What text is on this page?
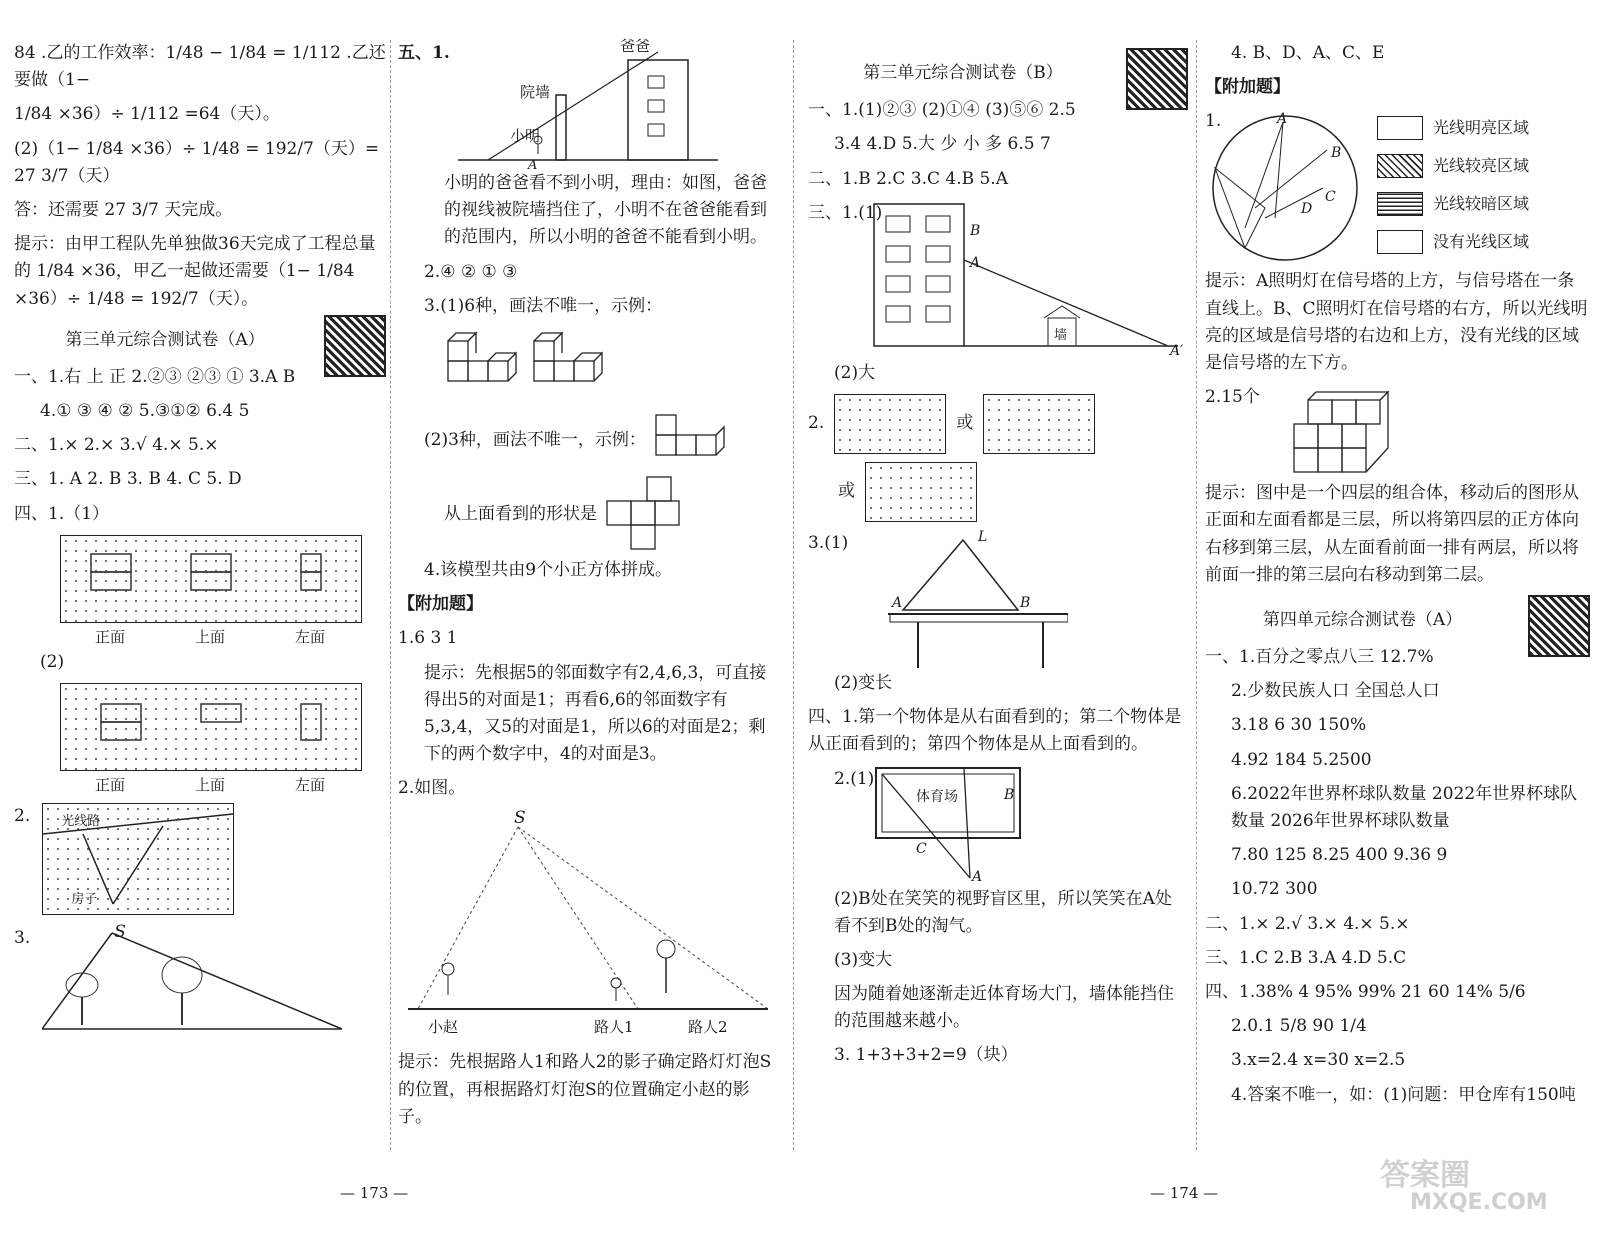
84 .乙的工作效率：1/48 − 1/84 = 1/112 .乙还要做（1−

1/84 ×36）÷ 1/112 =64（天）。

(2)（1− 1/84 ×36）÷ 1/48 = 192/7（天）= 27 3/7（天）

答：还需要 27 3/7 天完成。

提示：由甲工程队先单独做36天完成了工程总量的 1/84 ×36，甲乙一起做还需要（1− 1/84 ×36）÷ 1/48 = 192/7（天）。

第三单元综合测试卷（A）

一、1.右 上 正 2.②③ ②③ ① 3.A B

4.① ③ ④ ② 5.③①② 6.4 5

二、1.× 2.× 3.√ 4.× 5.×

三、1. A 2. B 3. B 4. C 5. D

四、1.（1）

正面	上面	左面

(2)

正面	上面	左面
2. 光线路
房子
3.	S
五、1.	爸爸
院墙
小明
A

小明的爸爸看不到小明，理由：如图，爸爸的视线被院墙挡住了，小明不在爸爸能看到的范围内，所以小明的爸爸不能看到小明。

2.④ ② ① ③

3.(1)6种，画法不唯一，示例：

(2)3种，画法不唯一，示例：

从上面看到的形状是

4.该模型共由9个小正方体拼成。

【附加题】

1.6 3 1

提示：先根据5的邻面数字有2,4,6,3，可直接得出5的对面是1；再看6,6的邻面数字有5,3,4，又5的对面是1，所以6的对面是2；剩下的两个数字中，4的对面是3。

2.如图。

S
小赵	路人1	路人2

提示：先根据路人1和路人2的影子确定路灯灯泡S的位置，再根据路灯灯泡S的位置确定小赵的影子。

— 173 —
第三单元综合测试卷（B）

一、1.(1)②③ (2)①④ (3)⑤⑥ 2.5

3.4 4.D 5.大 少 小 多 6.5 7

二、1.B 2.C 3.C 4.B 5.A

三、1.(1)
B
A
墙
A′

(2)大

2.	或
或
3.(1)	L
A	B

(2)变长

四、1.第一个物体是从右面看到的；第二个物体是从正面看到的；第四个物体是从上面看到的。

2.(1)
体育场	B
C
A

(2)B处在笑笑的视野盲区里，所以笑笑在A处看不到B处的淘气。

(3)变大

因为随着她逐渐走近体育场大门，墙体能挡住的范围越来越小。

3. 1+3+3+2=9（块）

— 174 —

4. B、D、A、C、E

【附加题】

1.	A
B
C
D
光线明亮区域
光线较亮区域
光线较暗区域
没有光线区域

提示：A照明灯在信号塔的上方，与信号塔在一条直线上。B、C照明灯在信号塔的右方，所以光线明亮的区域是信号塔的右边和上方，没有光线的区域是信号塔的左下方。

2.15个

提示：图中是一个四层的组合体，移动后的图形从正面和左面看都是三层，所以将第四层的正方体向右移到第三层，从左面看前面一排有两层，所以将前面一排的第三层向右移动到第二层。

第四单元综合测试卷（A）

一、1.百分之零点八三 12.7%

2.少数民族人口 全国总人口

3.18 6 30 150%

4.92 184 5.2500

6.2022年世界杯球队数量 2022年世界杯球队数量 2026年世界杯球队数量

7.80 125 8.25 400 9.36 9

10.72 300

二、1.× 2.√ 3.× 4.× 5.×

三、1.C 2.B 3.A 4.D 5.C

四、1.38% 4 95% 99% 21 60 14% 5/6

2.0.1 5/8 90 1/4

3.x=2.4 x=30 x=2.5

4.答案不唯一，如：(1)问题：甲仓库有150吨

答案圈
MXQE.COM
